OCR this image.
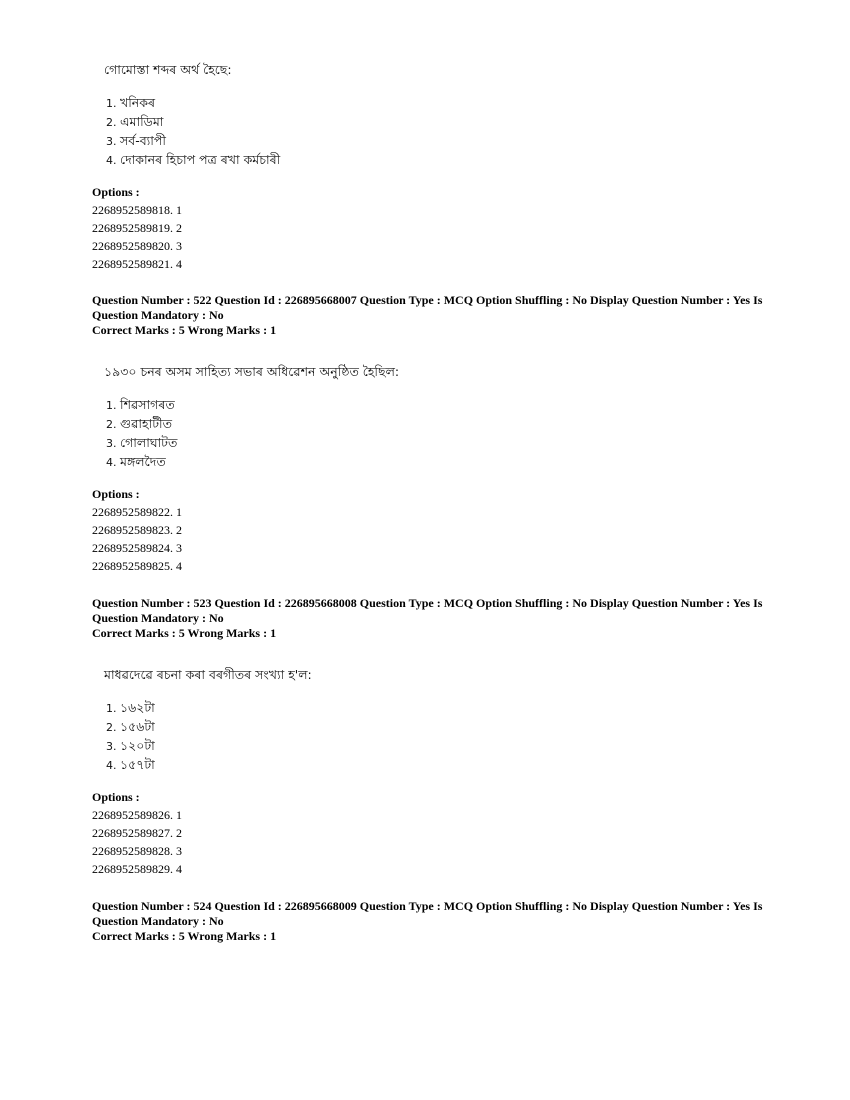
গোমোস্তা শব্দৰ অৰ্থ হৈছে:
1. খনিকৰ
2. এমাডিমা
3. সৰ্ব-ব্যাপী
4. দোকানৰ হিচাপ পত্ৰ ৰখা কৰ্মচাৰী

Options :

2268952589818. 1

2268952589819. 2

2268952589820. 3

2268952589821. 4

Question Number : 522 Question Id : 226895668007 Question Type : MCQ Option Shuffling : No Display Question Number : Yes Is

Question Mandatory : No

Correct Marks : 5 Wrong Marks : 1

১৯৩০ চনৰ অসম সাহিত্য সভাৰ অধিৱেশন অনুষ্ঠিত হৈছিল:
1. শিৱসাগৰত
2. গুৱাহাটীত
3. গোলাঘাটত
4. মঙ্গলদৈত

Options :

2268952589822. 1

2268952589823. 2

2268952589824. 3

2268952589825. 4

Question Number : 523 Question Id : 226895668008 Question Type : MCQ Option Shuffling : No Display Question Number : Yes Is

Question Mandatory : No

Correct Marks : 5 Wrong Marks : 1

মাধৱদেৱে ৰচনা কৰা বৰগীতৰ সংখ্যা হ'ল:
1. ১৬২টা
2. ১৫৬টা
3. ১২০টা
4. ১৫৭টা

Options :

2268952589826. 1

2268952589827. 2

2268952589828. 3

2268952589829. 4

Question Number : 524 Question Id : 226895668009 Question Type : MCQ Option Shuffling : No Display Question Number : Yes Is

Question Mandatory : No

Correct Marks : 5 Wrong Marks : 1
